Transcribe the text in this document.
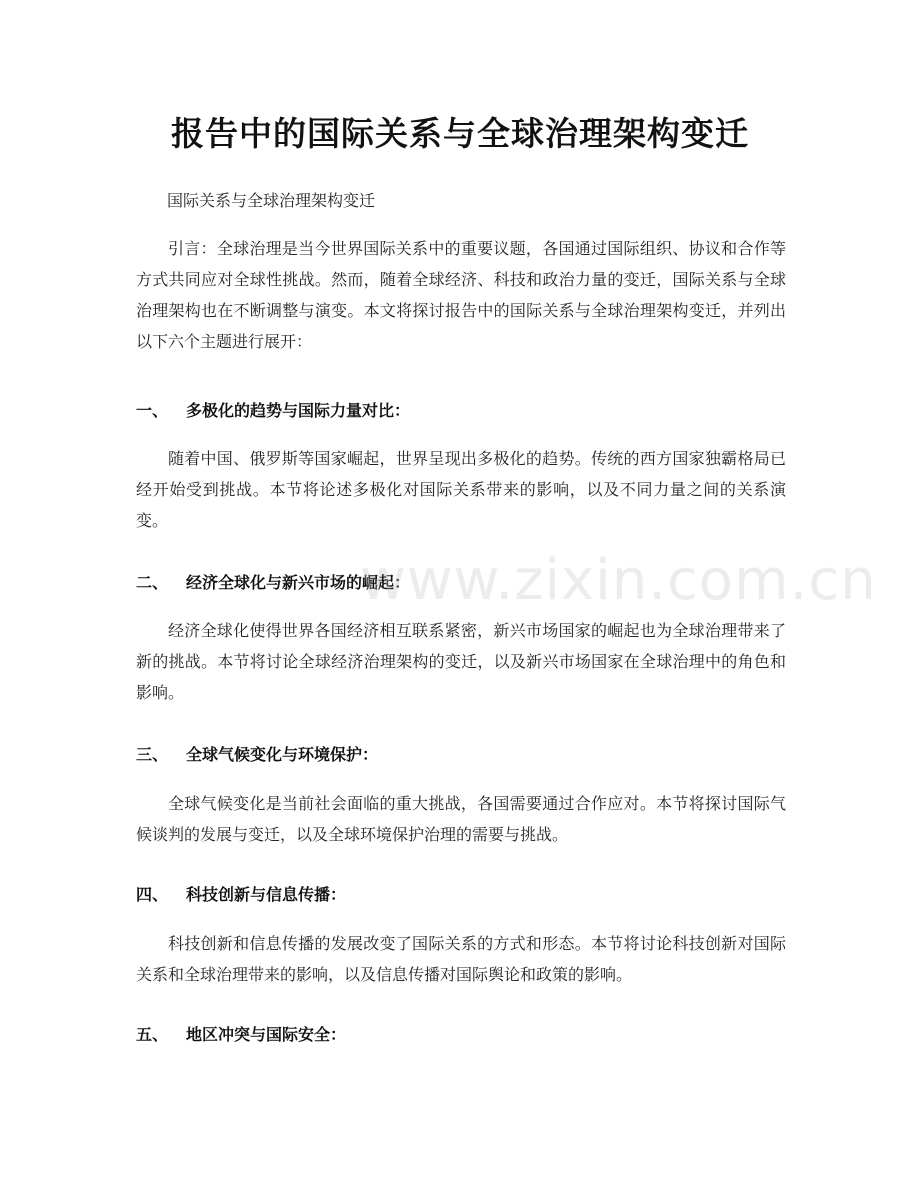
报告中的国际关系与全球治理架构变迁
国际关系与全球治理架构变迁
引言：全球治理是当今世界国际关系中的重要议题，各国通过国际组织、协议和合作等方式共同应对全球性挑战。然而，随着全球经济、科技和政治力量的变迁，国际关系与全球治理架构也在不断调整与演变。本文将探讨报告中的国际关系与全球治理架构变迁，并列出以下六个主题进行展开：
一、 多极化的趋势与国际力量对比：
随着中国、俄罗斯等国家崛起，世界呈现出多极化的趋势。传统的西方国家独霸格局已经开始受到挑战。本节将论述多极化对国际关系带来的影响，以及不同力量之间的关系演变。
二、 经济全球化与新兴市场的崛起：
经济全球化使得世界各国经济相互联系紧密，新兴市场国家的崛起也为全球治理带来了新的挑战。本节将讨论全球经济治理架构的变迁，以及新兴市场国家在全球治理中的角色和影响。
三、 全球气候变化与环境保护：
全球气候变化是当前社会面临的重大挑战，各国需要通过合作应对。本节将探讨国际气候谈判的发展与变迁，以及全球环境保护治理的需要与挑战。
四、 科技创新与信息传播：
科技创新和信息传播的发展改变了国际关系的方式和形态。本节将讨论科技创新对国际关系和全球治理带来的影响，以及信息传播对国际舆论和政策的影响。
五、 地区冲突与国际安全：
www.zixin.com.cn
